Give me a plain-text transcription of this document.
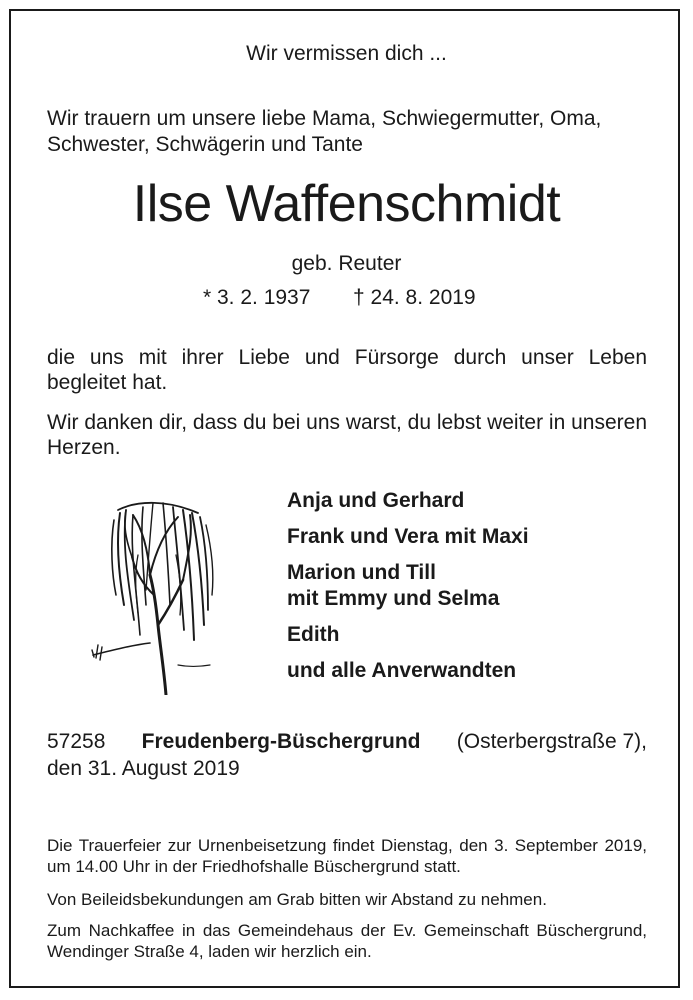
Wir vermissen dich ...
Wir trauern um unsere liebe Mama, Schwiegermutter, Oma,
Schwester, Schwägerin und Tante
Ilse Waffenschmidt
geb. Reuter
* 3. 2. 1937 † 24. 8. 2019
die uns mit ihrer Liebe und Fürsorge durch unser Leben begleitet hat.
Wir danken dir, dass du bei uns warst, du lebst weiter in unseren Herzen.
Anja und Gerhard
Frank und Vera mit Maxi
Marion und Till
mit Emmy und Selma
Edith
und alle Anverwandten
57258 Freudenberg-Büschergrund (Osterbergstraße 7),
den 31. August 2019
Die Trauerfeier zur Urnenbeisetzung findet Dienstag, den 3. September 2019, um 14.00 Uhr in der Friedhofshalle Büschergrund statt.
Von Beileidsbekundungen am Grab bitten wir Abstand zu nehmen.
Zum Nachkaffee in das Gemeindehaus der Ev. Gemeinschaft Büschergrund, Wendinger Straße 4, laden wir herzlich ein.
